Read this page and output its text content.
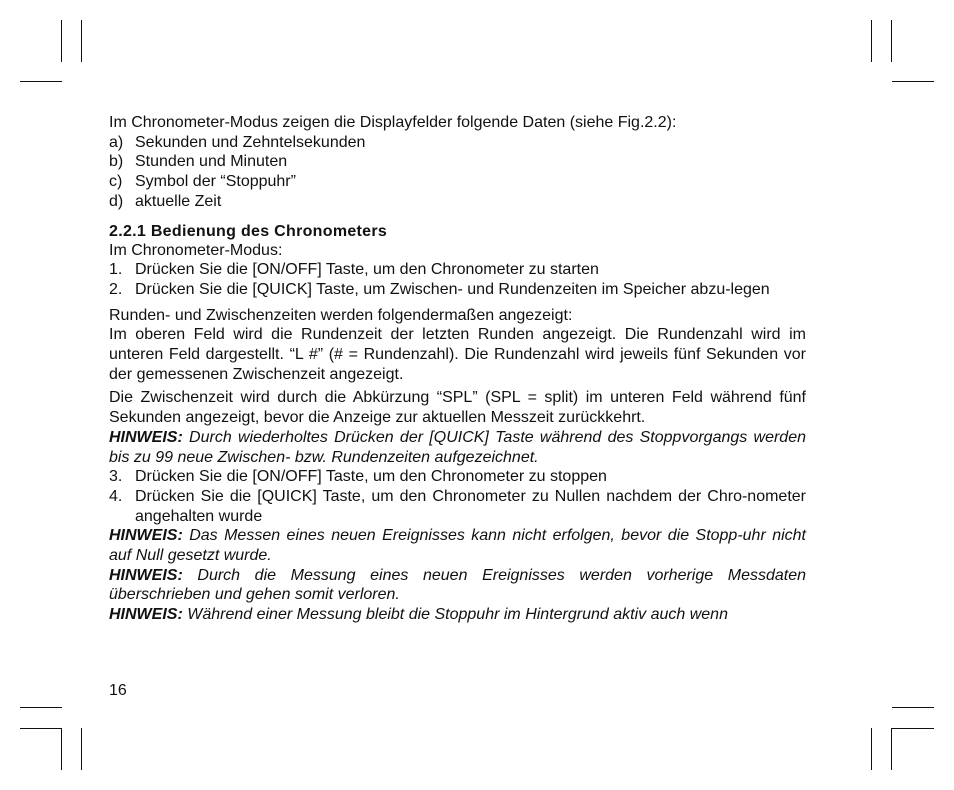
Im Chronometer-Modus zeigen die Displayfelder folgende Daten (siehe Fig.2.2):

a) Sekunden und Zehntelsekunden
b) Stunden und Minuten
c) Symbol der “Stoppuhr”
d) aktuelle Zeit
2.2.1 Bedienung des Chronometers

Im Chronometer-Modus:

1. Drücken Sie die [ON/OFF] Taste, um den Chronometer zu starten
2. Drücken Sie die [QUICK] Taste, um Zwischen- und Rundenzeiten im Speicher abzu-legen

Runden- und Zwischenzeiten werden folgendermaßen angezeigt:

Im oberen Feld wird die Rundenzeit der letzten Runden angezeigt. Die Rundenzahl wird im unteren Feld dargestellt. “L #” (# = Rundenzahl). Die Rundenzahl wird jeweils fünf Sekunden vor der gemessenen Zwischenzeit angezeigt.

Die Zwischenzeit wird durch die Abkürzung “SPL” (SPL = split) im unteren Feld während fünf Sekunden angezeigt, bevor die Anzeige zur aktuellen Messzeit zurückkehrt.

HINWEIS: Durch wiederholtes Drücken der [QUICK] Taste während des Stoppvorgangs werden bis zu 99 neue Zwischen- bzw. Rundenzeiten aufgezeichnet.

3. Drücken Sie die [ON/OFF] Taste, um den Chronometer zu stoppen
4. Drücken Sie die [QUICK] Taste, um den Chronometer zu Nullen nachdem der Chro-nometer angehalten wurde

HINWEIS: Das Messen eines neuen Ereignisses kann nicht erfolgen, bevor die Stopp-uhr nicht auf Null gesetzt wurde.

HINWEIS: Durch die Messung eines neuen Ereignisses werden vorherige Messdaten überschrieben und gehen somit verloren.

HINWEIS: Während einer Messung bleibt die Stoppuhr im Hintergrund aktiv auch wenn

16
